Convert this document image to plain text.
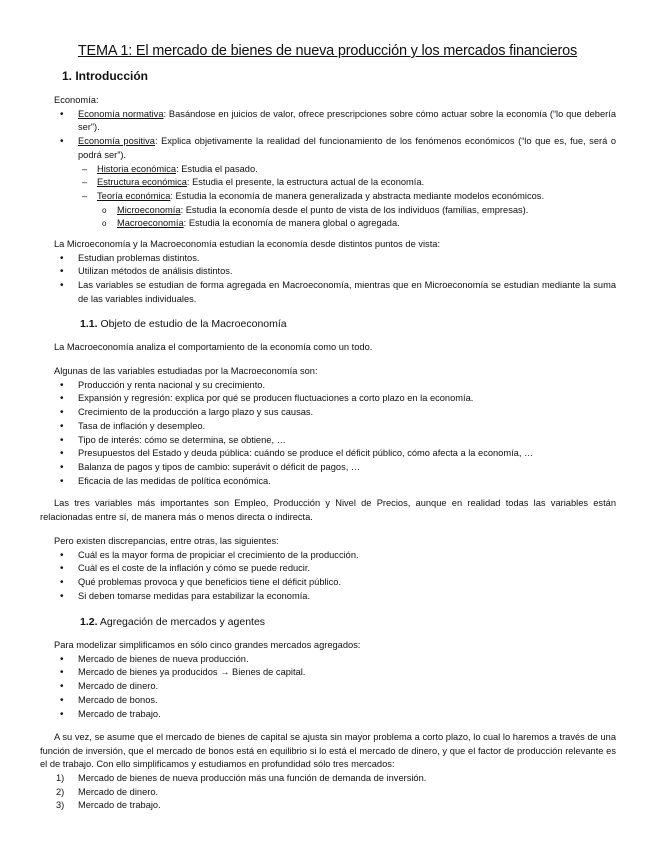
TEMA 1: El mercado de bienes de nueva producción y los mercados financieros
1. Introducción
Economía:
• Economía normativa: Basándose en juicios de valor, ofrece prescripciones sobre cómo actuar sobre la economía (“lo que debería ser”).
• Economía positiva: Explica objetivamente la realidad del funcionamiento de los fenómenos económicos (“lo que es, fue, será o podrá ser”).
– Historia económica: Estudia el pasado.
– Estructura económica: Estudia el presente, la estructura actual de la economía.
– Teoría económica: Estudia la economía de manera generalizada y abstracta mediante modelos económicos.
o Microeconomía: Estudia la economía desde el punto de vista de los individuos (familias, empresas).
o Macroeconomía: Estudia la economía de manera global o agregada.
La Microeconomía y la Macroeconomía estudian la economía desde distintos puntos de vista:
• Estudian problemas distintos.
• Utilizan métodos de análisis distintos.
• Las variables se estudian de forma agregada en Macroeconomía, mientras que en Microeconomía se estudian mediante la suma de las variables individuales.
1.1. Objeto de estudio de la Macroeconomía
La Macroeconomía analiza el comportamiento de la economía como un todo.
Algunas de las variables estudiadas por la Macroeconomía son:
• Producción y renta nacional y su crecimiento.
• Expansión y regresión: explica por qué se producen fluctuaciones a corto plazo en la economía.
• Crecimiento de la producción a largo plazo y sus causas.
• Tasa de inflación y desempleo.
• Tipo de interés: cómo se determina, se obtiene, …
• Presupuestos del Estado y deuda pública: cuándo se produce el déficit público, cómo afecta a la economía, …
• Balanza de pagos y tipos de cambio: superávit o déficit de pagos, …
• Eficacia de las medidas de política económica.
Las tres variables más importantes son Empleo, Producción y Nivel de Precios, aunque en realidad todas las variables están relacionadas entre sí, de manera más o menos directa o indirecta.
Pero existen discrepancias, entre otras, las siguientes:
• Cuál es la mayor forma de propiciar el crecimiento de la producción.
• Cuál es el coste de la inflación y cómo se puede reducir.
• Qué problemas provoca y que beneficios tiene el déficit público.
• Si deben tomarse medidas para estabilizar la economía.
1.2. Agregación de mercados y agentes
Para modelizar simplificamos en sólo cinco grandes mercados agregados:
• Mercado de bienes de nueva producción.
• Mercado de bienes ya producidos → Bienes de capital.
• Mercado de dinero.
• Mercado de bonos.
• Mercado de trabajo.
A su vez, se asume que el mercado de bienes de capital se ajusta sin mayor problema a corto plazo, lo cual lo haremos a través de una función de inversión, que el mercado de bonos está en equilibrio si lo está el mercado de dinero, y que el factor de producción relevante es el de trabajo. Con ello simplificamos y estudiamos en profundidad sólo tres mercados:
1) Mercado de bienes de nueva producción más una función de demanda de inversión.
2) Mercado de dinero.
3) Mercado de trabajo.
